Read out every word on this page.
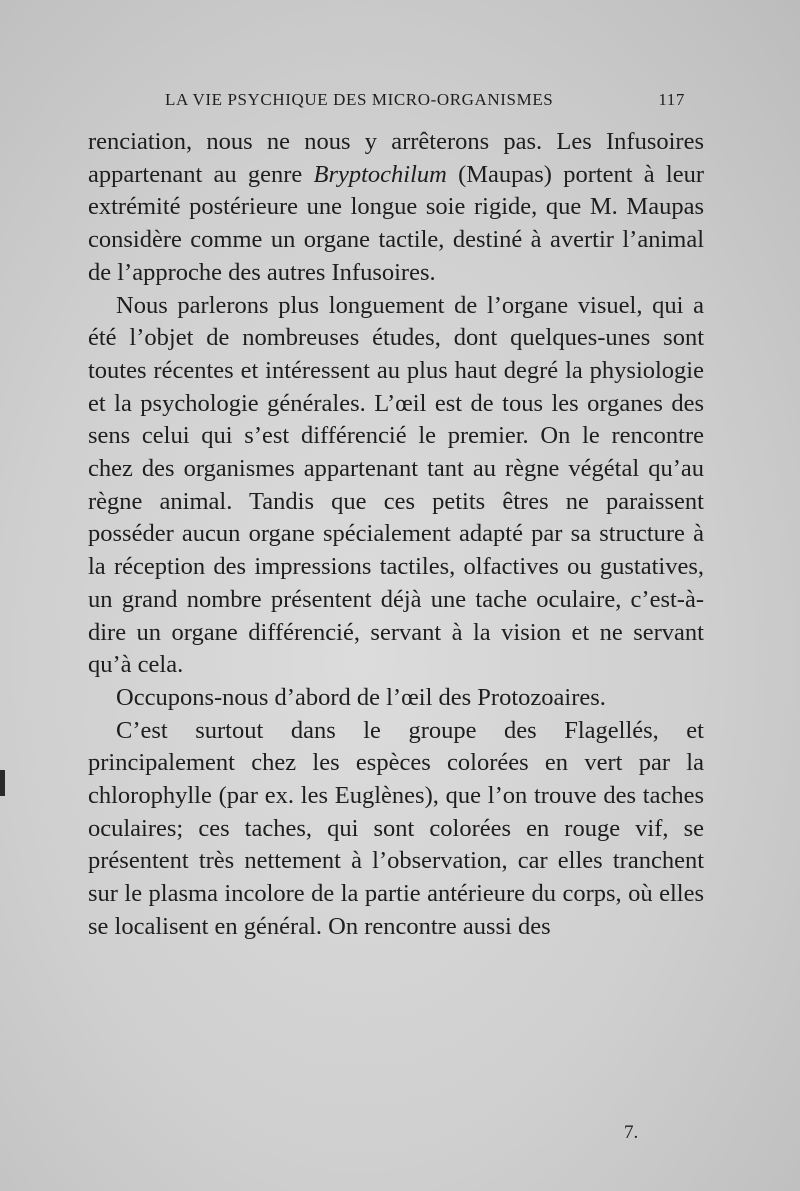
LA VIE PSYCHIQUE DES MICRO-ORGANISMES	117

renciation, nous ne nous y arrêterons pas. Les Infusoires appartenant au genre Bryptochilum (Maupas) portent à leur extrémité postérieure une longue soie rigide, que M. Maupas considère comme un organe tactile, destiné à avertir l’animal de l’approche des autres Infusoires.

Nous parlerons plus longuement de l’organe visuel, qui a été l’objet de nombreuses études, dont quelques-unes sont toutes récentes et intéressent au plus haut degré la physiologie et la psychologie générales. L’œil est de tous les organes des sens celui qui s’est différencié le premier. On le rencontre chez des organismes appartenant tant au règne végétal qu’au règne animal. Tandis que ces petits êtres ne paraissent posséder aucun organe spécialement adapté par sa structure à la réception des impressions tactiles, olfactives ou gustatives, un grand nombre présentent déjà une tache oculaire, c’est-à-dire un organe différencié, servant à la vision et ne servant qu’à cela.

Occupons-nous d’abord de l’œil des Protozoaires.

C’est surtout dans le groupe des Flagellés, et principalement chez les espèces colorées en vert par la chlorophylle (par ex. les Euglènes), que l’on trouve des taches oculaires; ces taches, qui sont colorées en rouge vif, se présentent très nettement à l’observation, car elles tranchent sur le plasma incolore de la partie antérieure du corps, où elles se localisent en général. On rencontre aussi des

7.
